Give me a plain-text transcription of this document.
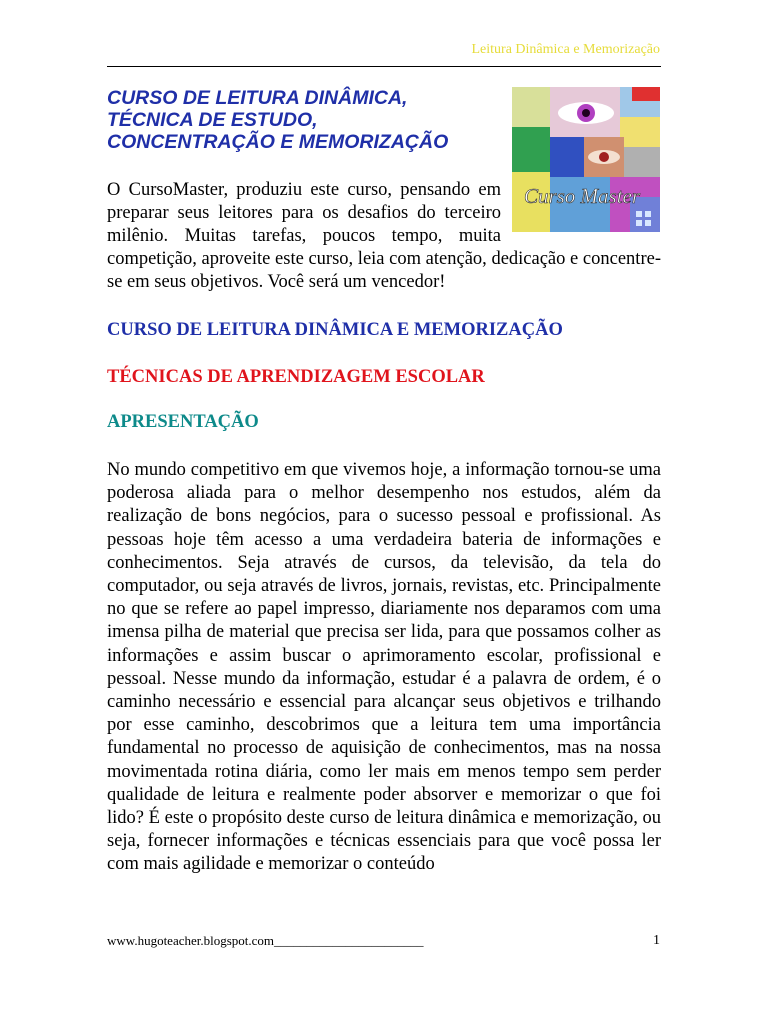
Leitura Dinâmica e Memorização
CURSO DE LEITURA DINÂMICA,
TÉCNICA DE ESTUDO,
CONCENTRAÇÃO E MEMORIZAÇÃO
Curso Master
O CursoMaster, produziu este curso, pensando em preparar seus leitores para os desafios do terceiro milênio. Muitas tarefas, poucos tempo, muita competição, aproveite este curso, leia com atenção, dedicação e concentre-se em seus objetivos. Você será um vencedor!
CURSO DE LEITURA DINÂMICA E MEMORIZAÇÃO
TÉCNICAS DE APRENDIZAGEM ESCOLAR
APRESENTAÇÃO
No mundo competitivo em que vivemos hoje, a informação tornou-se uma poderosa aliada para o melhor desempenho nos estudos, além da realização de bons negócios, para o sucesso pessoal e profissional. As pessoas hoje têm acesso a uma verdadeira bateria de informações e conhecimentos. Seja através de cursos, da televisão, da tela do computador, ou seja através de livros, jornais, revistas, etc. Principalmente no que se refere ao papel impresso, diariamente nos deparamos com uma imensa pilha de material que precisa ser lida, para que possamos colher as informações e assim buscar o aprimoramento escolar, profissional e pessoal. Nesse mundo da informação, estudar é a palavra de ordem, é o caminho necessário e essencial para alcançar seus objetivos e trilhando por esse caminho, descobrimos que a leitura tem uma importância fundamental no processo de aquisição de conhecimentos, mas na nossa movimentada rotina diária, como ler mais em menos tempo sem perder qualidade de leitura e realmente poder absorver e memorizar o que foi lido? É este o propósito deste curso de leitura dinâmica e memorização, ou seja, fornecer informações e técnicas essenciais para que você possa ler com mais agilidade e memorizar o conteúdo
www.hugoteacher.blogspot.com_______________________	1
